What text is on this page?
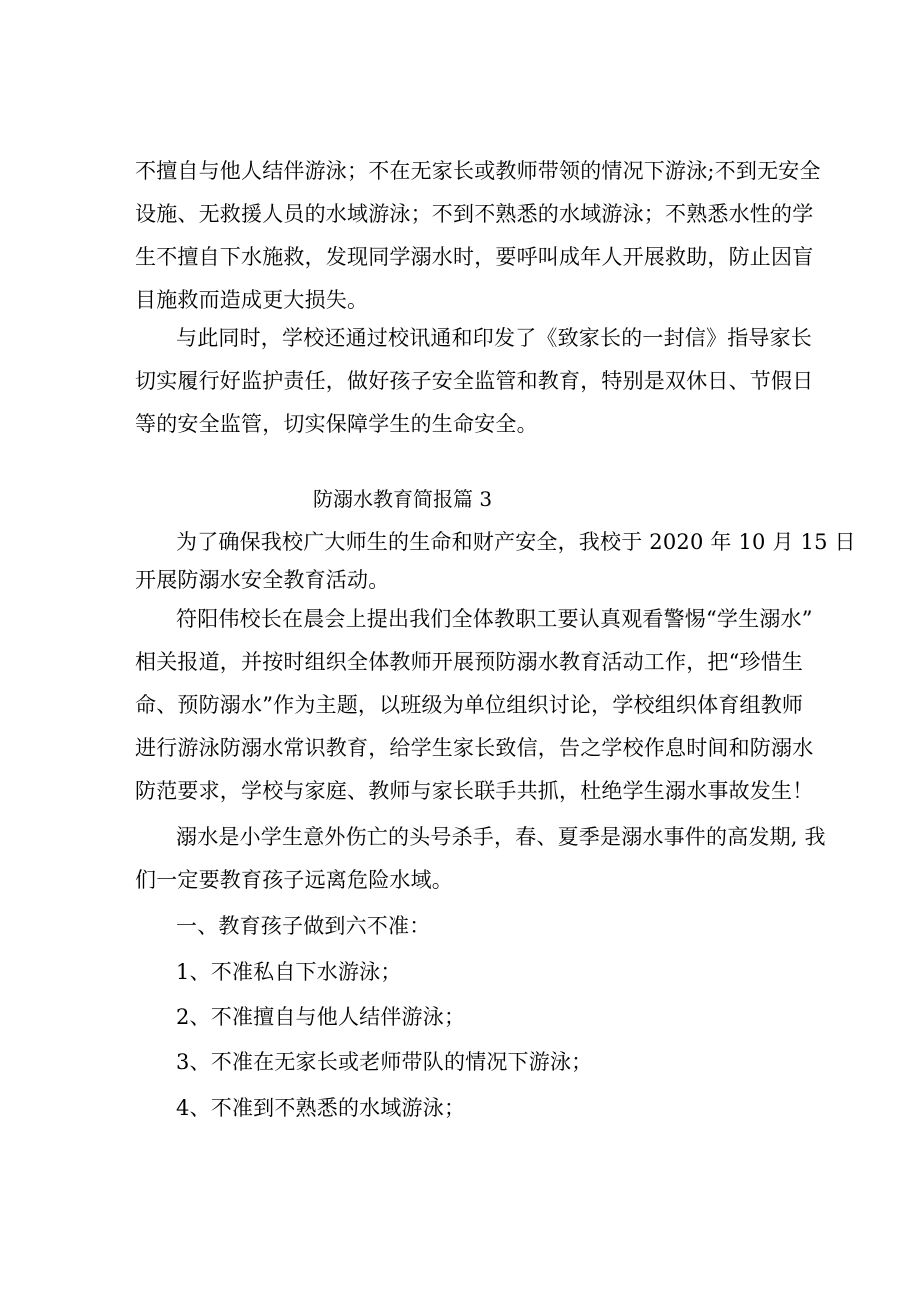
不擅自与他人结伴游泳；不在无家长或教师带领的情况下游泳;不到无安全
设施、无救援人员的水域游泳；不到不熟悉的水域游泳；不熟悉水性的学
生不擅自下水施救，发现同学溺水时，要呼叫成年人开展救助，防止因盲
目施救而造成更大损失。
与此同时，学校还通过校讯通和印发了《致家长的一封信》指导家长
切实履行好监护责任，做好孩子安全监管和教育，特别是双休日、节假日
等的安全监管，切实保障学生的生命安全。
防溺水教育简报篇 3
为了确保我校广大师生的生命和财产安全，我校于 2020 年 10 月 15 日
开展防溺水安全教育活动。
符阳伟校长在晨会上提出我们全体教职工要认真观看警惕“学生溺水”
相关报道，并按时组织全体教师开展预防溺水教育活动工作，把“珍惜生
命、预防溺水”作为主题，以班级为单位组织讨论，学校组织体育组教师
进行游泳防溺水常识教育，给学生家长致信，告之学校作息时间和防溺水
防范要求，学校与家庭、教师与家长联手共抓，杜绝学生溺水事故发生！
溺水是小学生意外伤亡的头号杀手，春、夏季是溺水事件的高发期, 我
们一定要教育孩子远离危险水域。
一、教育孩子做到六不准：
1、不准私自下水游泳；
2、不准擅自与他人结伴游泳；
3、不准在无家长或老师带队的情况下游泳；
4、不准到不熟悉的水域游泳；
